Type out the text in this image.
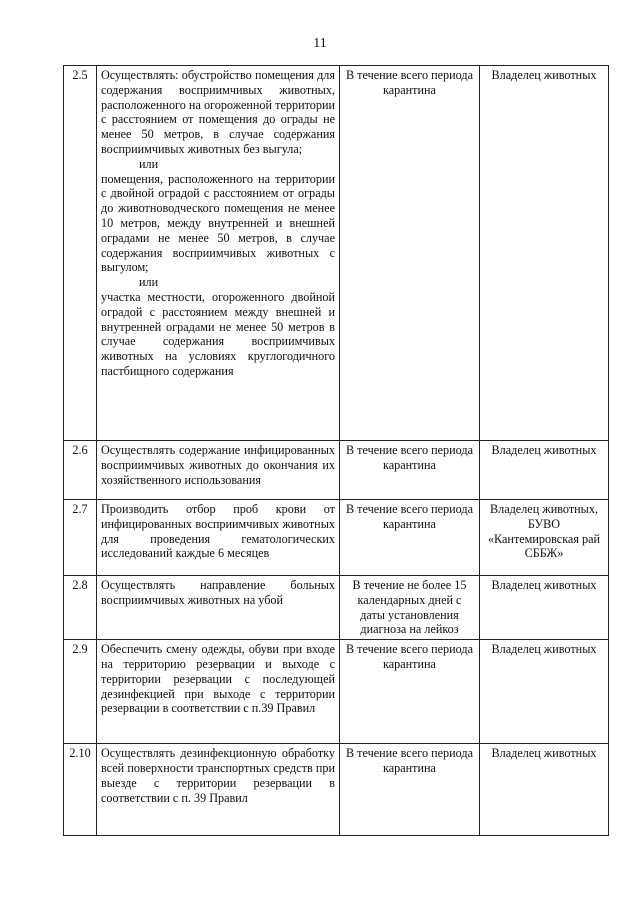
11
2.5	Осуществлять: обустройство помещения для содержания восприимчивых животных, расположенного на огороженной территории с расстоянием от помещения до ограды не менее 50 метров, в случае содержания восприимчивых животных без выгула;
или
помещения, расположенного на территории с двойной оградой с расстоянием от ограды до животноводческого помещения не менее 10 метров, между внутренней и внешней оградами не менее 50 метров, в случае содержания восприимчивых животных с выгулом;
или
участка местности, огороженного двойной оградой с расстоянием между внешней и внутренней оградами не менее 50 метров в случае содержания восприимчивых животных на условиях круглогодичного пастбищного содержания	В течение всего периода карантина	Владелец животных
2.6	Осуществлять содержание инфицированных восприимчивых животных до окончания их хозяйственного использования	В течение всего периода карантина	Владелец животных
2.7	Производить отбор проб крови от инфицированных восприимчивых животных для проведения гематологических исследований каждые 6 месяцев	В течение всего периода карантина	Владелец животных, БУВО «Кантемировская рай СББЖ»
2.8	Осуществлять направление больных восприимчивых животных на убой	В течение не более 15 календарных дней с даты установления диагноза на лейкоз	Владелец животных
2.9	Обеспечить смену одежды, обуви при входе на территорию резервации и выходе с территории резервации с последующей дезинфекцией при выходе с территории резервации в соответствии с п.39 Правил	В течение всего периода карантина	Владелец животных
2.10	Осуществлять дезинфекционную обработку всей поверхности транспортных средств при выезде с территории резервации в соответствии с п. 39 Правил	В течение всего периода карантина	Владелец животных
